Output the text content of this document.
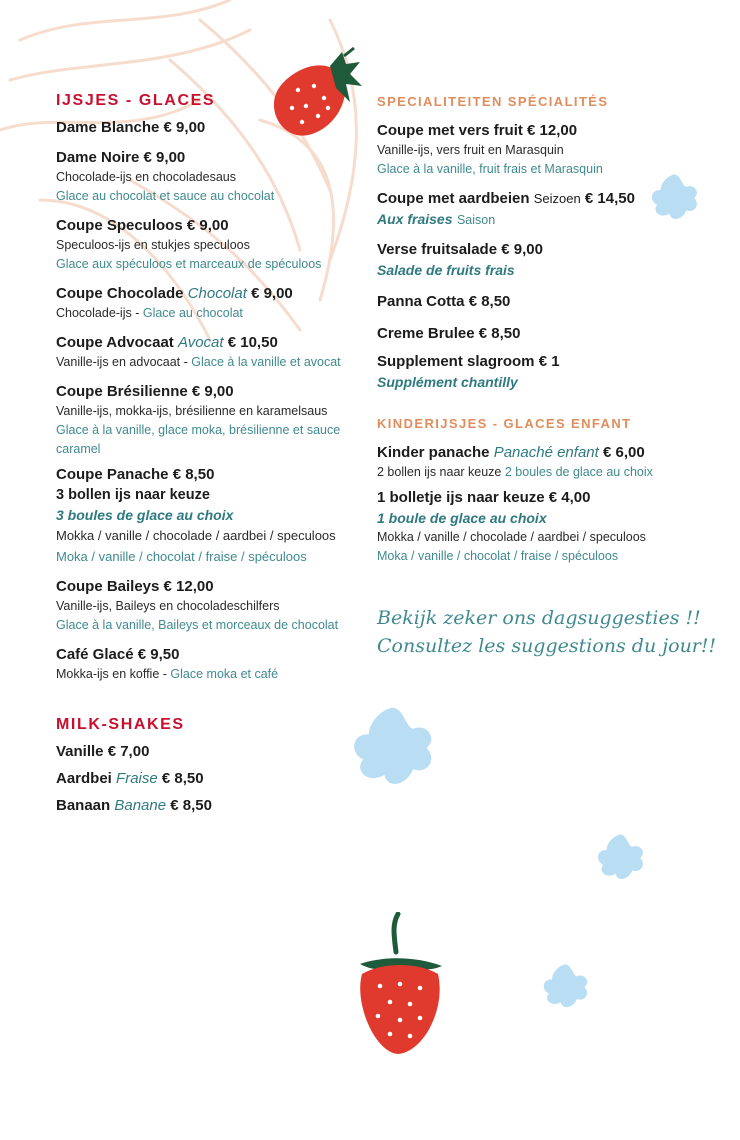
IJSJES - GLACES
Dame Blanche € 9,00
Dame Noire € 9,00
Chocolade-ijs en chocoladesaus
Glace au chocolat et sauce au chocolat
Coupe Speculoos € 9,00
Speculoos-ijs en stukjes speculoos
Glace aux spéculoos et marceaux de spéculoos
Coupe Chocolade Chocolat € 9,00
Chocolade-ijs - Glace au chocolat
Coupe Advocaat Avocat € 10,50
Vanille-ijs en advocaat - Glace à la vanille et avocat
Coupe Brésilienne € 9,00
Vanille-ijs, mokka-ijs, brésilienne en karamelsaus
Glace à la vanille, glace moka, brésilienne et sauce caramel
Coupe Panache € 8,50
3 bollen ijs naar keuze
3 boules de glace au choix
Mokka / vanille / chocolade / aardbei / speculoos
Moka / vanille / chocolat / fraise / spéculoos
Coupe Baileys € 12,00
Vanille-ijs, Baileys en chocoladeschilfers
Glace à la vanille, Baileys et morceaux de chocolat
Café Glacé € 9,50
Mokka-ijs en koffie - Glace moka et café
MILK-SHAKES
Vanille € 7,00
Aardbei Fraise € 8,50
Banaan Banane € 8,50
SPECIALITEITEN SPÉCIALITÉS
Coupe met vers fruit € 12,00
Vanille-ijs, vers fruit en Marasquin
Glace à la vanille, fruit frais et Marasquin
Coupe met aardbeien Seizoen € 14,50
Aux fraises Saison
Verse fruitsalade € 9,00
Salade de fruits frais
Panna Cotta € 8,50
Creme Brulee € 8,50
Supplement slagroom € 1
Supplément chantilly
KINDERIJSJES - GLACES ENFANT
Kinder panache Panaché enfant € 6,00
2 bollen ijs naar keuze 2 boules de glace au choix
1 bolletje ijs naar keuze € 4,00
1 boule de glace au choix
Mokka / vanille / chocolade / aardbei / speculoos
Moka / vanille / chocolat / fraise / spéculoos
Bekijk zeker ons dagsuggesties !!
Consultez les suggestions du jour!!
